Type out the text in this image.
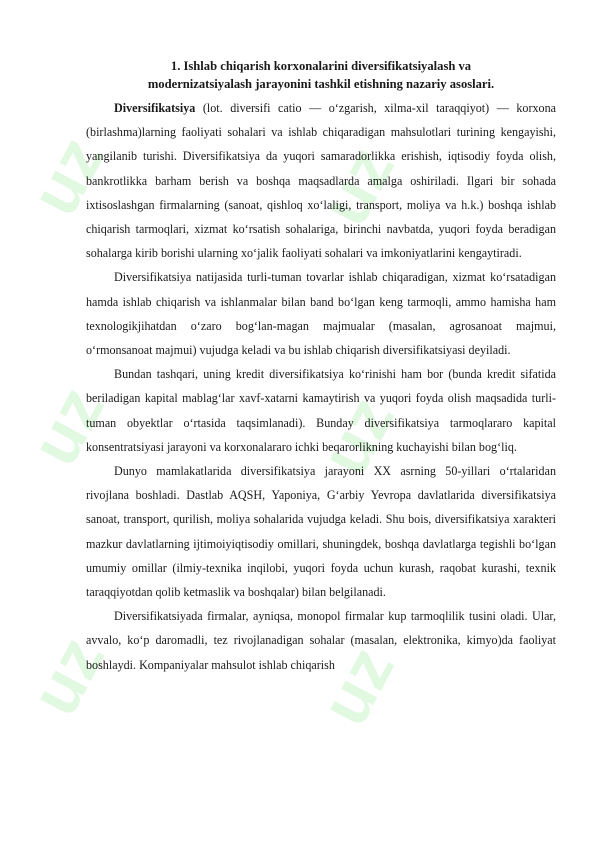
uz	uz
uz	uz
uz	uz
1. Ishlab chiqarish korxonalarini diversifikatsiyalash va
modernizatsiyalash jarayonini tashkil etishning nazariy asoslari.

Diversifikatsiya (lot. diversifi catio — o‘zgarish, xilma-xil taraqqiyot) — korxona (birlashma)larning faoliyati sohalari va ishlab chiqaradigan mahsulotlari turining kengayishi, yangilanib turishi. Diversifikatsiya da yuqori samaradorlikka erishish, iqtisodiy foyda olish, bankrotlikka barham berish va boshqa maqsadlarda amalga oshiriladi. Ilgari bir sohada ixtisoslashgan firmalarning (sanoat, qishloq xo‘laligi, transport, moliya va h.k.) boshqa ishlab chiqarish tarmoqlari, xizmat ko‘rsatish sohalariga, birinchi navbatda, yuqori foyda beradigan sohalarga kirib borishi ularning xo‘jalik faoliyati sohalari va imkoniyatlarini kengaytiradi.

Diversifikatsiya natijasida turli-tuman tovarlar ishlab chiqaradigan, xizmat ko‘rsatadigan hamda ishlab chiqarish va ishlanmalar bilan band bo‘lgan keng tarmoqli, ammo hamisha ham texnologikjihatdan o‘zaro bog‘lan-magan majmualar (masalan, agrosanoat majmui, o‘rmonsanoat majmui) vujudga keladi va bu ishlab chiqarish diversifikatsiyasi deyiladi.

Bundan tashqari, uning kredit diversifikatsiya ko‘rinishi ham bor (bunda kredit sifatida beriladigan kapital mablag‘lar xavf-xatarni kamaytirish va yuqori foyda olish maqsadida turli-tuman obyektlar o‘rtasida taqsimlanadi). Bunday diversifikatsiya tarmoqlararo kapital konsentratsiyasi jarayoni va korxonalararo ichki beqarorlikning kuchayishi bilan bog‘liq.

Dunyo mamlakatlarida diversifikatsiya jarayoni XX asrning 50-yillari o‘rtalaridan rivojlana boshladi. Dastlab AQSH, Yaponiya, G‘arbiy Yevropa davlatlarida diversifikatsiya sanoat, transport, qurilish, moliya sohalarida vujudga keladi. Shu bois, diversifikatsiya xarakteri mazkur davlatlarning ijtimoiyiqtisodiy omillari, shuningdek, boshqa davlatlarga tegishli bo‘lgan umumiy omillar (ilmiy-texnika inqilobi, yuqori foyda uchun kurash, raqobat kurashi, texnik taraqqiyotdan qolib ketmaslik va boshqalar) bilan belgilanadi.

Diversifikatsiyada firmalar, ayniqsa, monopol firmalar kup tarmoqlilik tusini oladi. Ular, avvalo, ko‘p daromadli, tez rivojlanadigan sohalar (masalan, elektronika, kimyo)da faoliyat boshlaydi. Kompaniyalar mahsulot ishlab chiqarish
